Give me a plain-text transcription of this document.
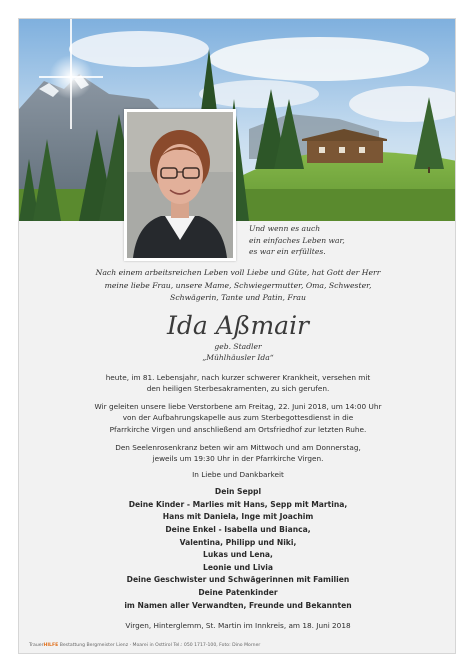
Und wenn es auch
ein einfaches Leben war,
es war ein erfülltes.
Nach einem arbeitsreichen Leben voll Liebe und Güte, hat Gott der Herr
meine liebe Frau, unsere Mame, Schwiegermutter, Oma, Schwester,
Schwägerin, Tante und Patin, Frau
Ida Aßmair
geb. Stadler
„Mühlhäusler Ida“
heute, im 81. Lebensjahr, nach kurzer schwerer Krankheit, versehen mit
den heiligen Sterbesakramenten, zu sich gerufen.
Wir geleiten unsere liebe Verstorbene am Freitag, 22. Juni 2018, um 14:00 Uhr
von der Aufbahrungskapelle aus zum Sterbegottesdienst in die
Pfarrkirche Virgen und anschließend am Ortsfriedhof zur letzten Ruhe.
Den Seelenrosenkranz beten wir am Mittwoch und am Donnerstag,
jeweils um 19:30 Uhr in der Pfarrkirche Virgen.
In Liebe und Dankbarkeit
Dein Seppl
Deine Kinder - Marlies mit Hans, Sepp mit Martina,
Hans mit Daniela, Inge mit Joachim
Deine Enkel - Isabella und Bianca,
Valentina, Philipp und Niki,
Lukas und Lena,
Leonie und Livia
Deine Geschwister und Schwägerinnen mit Familien
Deine Patenkinder
im Namen aller Verwandten, Freunde und Bekannten
Virgen, Hinterglemm, St. Martin im Innkreis, am 18. Juni 2018
TrauerHILFE Bestattung Bergmeister Lienz · Moarei in Osttirol Tel.: 050 1717-100, Foto: Dino Morner
